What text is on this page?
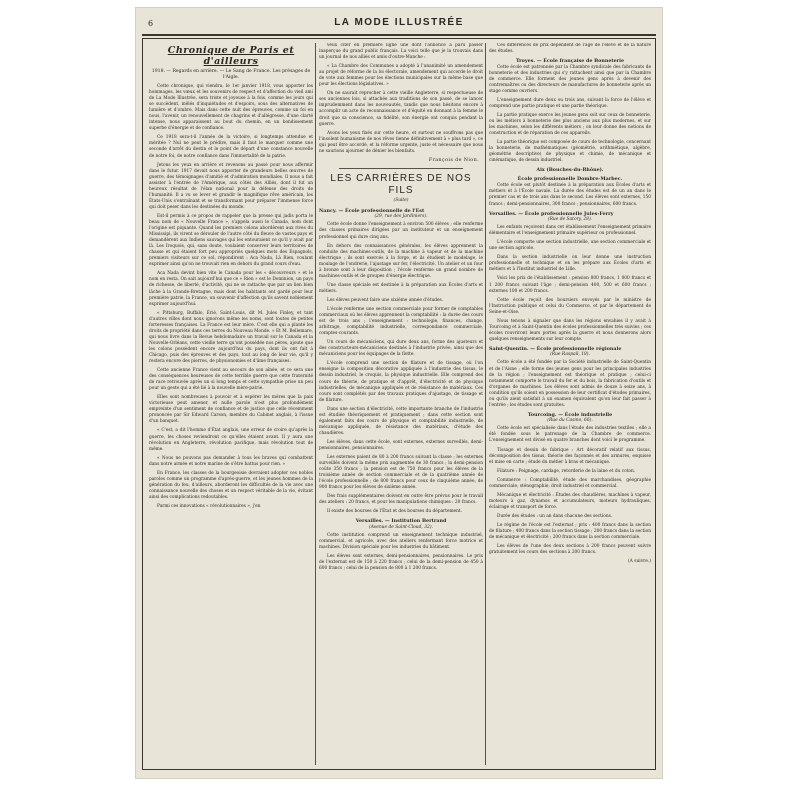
6	LA MODE ILLUSTRÉE
Chronique de Paris et d'ailleurs
1918. — Regards en arrière. — Le Sang de France. Les présages de l'Aigle.

Cette chronique, qui viendra, le 1er janvier 1918, vous apporter les hommages, les vœux et les souvenirs de respect et d'affection du vieil ami de La Mode Illustrée, sera triste et joyeuse à la fois, comme les jours qui se succèdent, mêlés d'inquiétudes et d'espoirs, sous des alternatives de lumière et d'ombre. Mais dans cette nuit des épreuves, comme un foi en nous, l'avenir, un renouvellement de chagrins et d'allégresse, d'une clarté intense, nous apparaissent au bout du chemin, en un bondissement superbe d'énergie et de confiance.

Ce 1918 sera-t-il l'année de la victoire, si longtemps attendue et méritée ? Nul ne peut le prédire, mais il faut le marquer comme une seconde d'arrêt du destin et le point de départ d'une constance nouvelle de notre foi, de notre confiance dans l'immortalité de la patrie.

Jetons les yeux en arrière et revenons au passé pour nous affermir dans le futur. 1917 devait nous apporter de grandeurs belles œuvres de guerre, des témoignages d'amitié et d'admiration mondiales. Il nous a fait assister à l'entrée de l'Amérique, aux côtés des Alliés, dont il fut un heureux résultat de l'élan national pour la défense des droits de l'humanité. Il a vu se lever et grandir le magnifique rêve américain, les États-Unis s'entraînant et se transformant pour préparer l'immense force qui doit peser dans les destinées du monde.

Est-il permis à ce propos de rappeler que la presse qui jadis porta le beau nom de « Nouvelle France », s'appela aussi le Canada, nom dont l'origine est piquante. Quand les premiers colons abordèrent aux rives du Mississipi, ils virent se dérouler de l'autre côté du fleuve de vastes pays et demandèrent aux Indiens sauvages qui les entouraient ce qu'il y avait par là. Les Iroquois, qui, sans doute, voulaient conserver leurs territoires de chasse et qui étaient fort peu appropriés quelques mots des Espagnols, premiers visiteurs sur ce sol, répondirent : Aca Nada, Là Rien, voulant exprimer ainsi qu'on ne trouvait rien en dehors du grand cours d'eau.

Aca Nada devint bien vite le Canada pour les « découvreurs » et le nom en resta. On sait aujourd'hui que ce « Rien » est le Dominion, un pays de richesse, de liberté, d'activité, qui ne se rattache que par un lien bien lâche à la Grande-Bretagne, mais dont les habitants ont gardé pour leur première patrie, la France, un souvenir d'affection qu'ils savent noblement exprimer aujourd'hui.

« Pittsburg, Buffalo, Érié, Saint-Louis, dit M. Jules Finley, et tant d'autres villes dont nous ignorons même les noms, sont toutes de petites forteresses françaises. La France est leur mère. C'est elle qui a planté les droits de propriété dans ces terres du Nouveau Monde. » Et M. Bellemare, qui nous livre dans la Revue hebdomadaire un travail sur le Canada et la Nouvelle-Orléans, cette vieille terre qu'ont possédée nos pères, ajoute que les colons possèdent encore aujourd'hui du pays, dont ils ont fait à Chicago, puis des épreuves et des pays, tout au long de leur vie, qu'il y restera encore des pierres, de physionomies et d'âme françaises.

Cette ancienne France vient au secours de son aînée, et ce sera une des conséquences heureuses de cette terrible guerre que cette fraternité de race retrouvée après un si long temps et cette sympathie prise un peu pour un geste qui a été lié à la nouvelle mère-patrie.

Elles sont nombreuses à pouvoir et à espérer les mères que la paix victorieuse peut amener, et nulle parole n'est plus profondément empreinte d'un sentiment de confiance et de justice que celle récemment prononcée par Sir Edward Carson, membre du Cabinet anglais, à l'issue d'un banquet.

« C'est, a dit l'homme d'État anglais, une erreur de croire qu'après la guerre, les choses reviendront ce qu'elles étaient avant. Il y aura une révolution en Angleterre, révolution pacifique, mais révolution tout de même.

« Nous ne pouvons pas demander à tous les braves qui combattent dans notre armée et notre marine de s'être battus pour rien. »

En France, les classes de la bourgeoisie devraient adopter ces nobles paroles comme un programme d'après-guerre, et les jeunes hommes de la génération du feu, d'ailleurs, aborderont les difficultés de la vie avec une connaissance nouvelle des choses et un respect véritable de la vie, évitant ainsi des complications redoutables.

Parmi ces innovations « révolutionnaires », j'en

veux citer en première ligne une dont l'annonce a paru passer inaperçue du grand public français. La voici telle que je la trouvais dans un journal de nos alliés et amis d'outre-Manche :

« La Chambre des Communes a adopté à l'unanimité un amendement au projet de réforme de la loi électorale, amendement qui accorde le droit de vote aux femmes pour les élections municipales sur la même base que pour les élections législatives. »

On ne saurait reprocher à cette vieille Angleterre, si respectueuse de ses anciennes lois, si attachée aux traditions de son passé, de se lancer imprudemment dans les nouveautés, tandis que nous hésitons encore à accomplir un acte de reconnaissance et d'équité en donnant à la femme le droit que sa conscience, sa fidélité, son énergie ont conquis pendant la guerre.

Avons les yeux fixés sur cette heure, et surtout ne souffrons pas que l'insolent humanisme de nos rêves tienne définitivement à « plus tard », ce qui peut être accordé, et la réforme urgente, juste et nécessaire que nous ne saurions ajourner de dénier les bienfaits.

François de Nion.
LES CARRIÈRES DE NOS FILS
(Suite)
Nancy. — École professionnelle de l'Est
(29, rue des Jardiniers).

Cette école donne l'enseignement à environ 500 élèves ; elle renferme des classes primaires dirigées par un instituteur et un enseignement professionnel qui dure cinq ans.

En dehors des connaissances générales, les élèves apprennent la conduite des machines-outils, de la machine à vapeur et de la machine électrique ; ils sont exercés à la forge, et ils étudient le modelage, le moulage de l'ondrerie, l'ajustage sur fer, l'électricité. Un atelier et un four à bronze sont à leur disposition ; l'école renferme un grand nombre de machines-outils et de groupes d'énergie électrique.

Une classe spéciale est destinée à la préparation aux Écoles d'arts et métiers.

Les élèves peuvent faire une sixième année d'études.

L'école renferme une section commerciale pour former de comptables commerciaux où les élèves apprennent la comptabilité : la durée des cours est de trois ans ; l'enseignement : technologie, finances, change, arbitrage, comptabilité industrielle, correspondance commerciale, comptes-courants.

Un cours de mécaniciens, qui dure deux ans, forme des ajusteurs et des constructeurs-mécaniciens destinés à l'industrie privée, ainsi que des mécaniciens pour les équipages de la flotte.

L'école comprend une section de filature et de tissage, où l'on enseigne la composition décorative appliquée à l'industrie des tissus, le dessin industriel, le croquis, la physique industrielle. Elle comprend des cours de théorie, de pratique et d'apprêt, d'électricité et de physique industrielles, de mécanique appliquée et de résistance de matériaux. Ces cours sont complétés par des travaux pratiques d'ajustage, de tissage et de filature.

Dans une section d'électricité, cette importante branche de l'industrie est étudiée théoriquement et pratiquement ; dans cette section sont également faits des cours de physique et comptabilité industrielle, de mécanique appliquée, de résistance des matériaux, d'étude des chaudières.

Les élèves, dans cette école, sont externes, externes surveillés, demi-pensionnaires, pensionnaires.

Les externes paient de 80 à 200 francs suivant la classe ; les externes surveillés doivent la même prix augmentée de 30 francs ; la demi-pension coûte 350 francs ; la pension est de 750 francs pour les élèves de la troisième année de section commerciale et de la quatrième année de l'école professionnelle ; de 800 francs pour ceux de cinquième année, de 900 francs pour les élèves de sixième année.

Des frais supplémentaires doivent en outre être prévus pour le travail des ateliers : 20 francs, et pour les manipulations chimiques : 20 francs.

Il existe des bourses de l'État et des bourses du département.

Versailles. — Institution Bertrand
(Avenue de Saint-Cloud, 32).

Cette institution comprend un enseignement technique industriel, commercial, et agricole, avec des ateliers renfermant force motrice et machines. Division spéciale pour les industries du bâtiment.

Les élèves sont externes, demi-pensionnaires, pensionnaires. Le prix de l'externat est de 150 à 220 francs ; celui de la demi-pension de 450 à 600 francs ; celui de la pension de 800 à 1 200 francs.

Ces différences de prix dépendent de l'âge de l'élève et de la nature des études.

Troyes. — École française de Bonneterie

Cette école est patronnée par la Chambre syndicale des fabricants de bonneterie et des industries qui s'y rattachent ainsi que par la Chambre de commerce. Elle forment des jeunes gens après à devenir des contremaîtres ou des directeurs de manufactures de bonneterie après un stage comme ouvriers.

L'enseignement dure deux ou trois ans, suivant la force de l'élève et comprend une partie pratique et une partie théorique.

La partie pratique exerce les jeunes gens soit sur ceux de bonneterie, ou les métiers à bonneterie des plus anciens aux plus modernes, et sur les machines, selon les différents métiers ; on leur donne des notions de construction et de réparation de ces appareils.

La partie théorique est composée de cours de technologie, concernant la bonneterie, de mathématiques (géométrie, arithmétique, algèbre, géométrie descriptive) de physique et chimie, de mécanique et cinématique, de dessin industriel.

Aix (Bouches-du-Rhône).
École professionnelle Dombre-Marbec.

Cette école est plutôt destinée à la préparation aux Écoles d'arts et métiers et à l'École navale. La durée des études est de un an dans le premier cas et de trois ans dans le second. Les élèves sont externes, 150 francs ; demi-pensionnaires, 300 francs ; pensionnaires, 600 francs.

Versailles. — École professionnelle Jules-Ferry
(Rue de Satory, 28).

Les enfants reçoivent dans cet établissement l'enseignement primaire élémentaire et l'enseignement primaire supérieur ou professionnel.

L'école comporte une section industrielle, une section commerciale et une section agricole.

Dans la section industrielle on leur donne une instruction professionnelle et technique et on les prépare aux Écoles d'arts et métiers et à l'Institut industriel de Lille.

Voici les prix de l'établissement : pension 800 francs, 1 000 francs et 1 200 francs suivant l'âge ; demi-pension 400, 500 et 600 francs ; externes 100 et 200 francs.

Cette école reçoit des boursiers envoyés par le ministre de l'Instruction publique et celui du Commerce, et par le département de Seine-et-Oise.

Nous tenons à signaler que dans les régions envahies il y avait à Tourcoing et à Saint-Quentin des écoles professionnelles très suivies ; ces écoles rouvriront leurs portes après la guerre et nous donnerons alors quelques renseignements sur leur compte.

Saint-Quentin. — École professionnelle régionale
(Rue Raspail, 18).

Cette école a été fondée par la Société industrielle de Saint-Quentin et de l'Aisne ; elle forme des jeunes gens pour les principales industries de la région ; l'enseignement est théorique et pratique ; celui-ci notamment comporte le travail du fer et du bois, la fabrication d'outils et d'organes de machines. Les élèves sont admis de douze à seize ans, à condition qu'ils soient en possession de leur certificat d'études primaires, ou qu'ils aient satisfait à un examen équivalent qu'on leur fait passer à l'entrée ; les études sont gratuites.

Tourcoing. — École industrielle
(Rue du Casino, 66).

Cette école est spécialisée dans l'étude des industries textiles ; elle a été fondée sous le patronage de la Chambre de commerce. L'enseignement est divisé en quatre branches dont voici le programme.

Tissage et dessin de fabrique : Art décoratif relatif aux tissus, décomposition des tissus, théorie des façonnés et des armures, esquisse et mise en carte ; étude du métier à bras et mécanique.

Filature : Peignage, cardage, retorderie de la laine et du coton.

Commerce : Comptabilité, étude des marchandises, géographie commerciale, sténographie, droit industriel et commercial.

Mécanique et électricité : Études des chaudières, machines à vapeur, moteurs à gaz, dynamos et accumulateurs, moteurs hydrauliques, éclairage et transport de force.

Durée des études : un an dans chacune des sections.

Le régime de l'école est l'externat ; prix : 400 francs dans la section de filature ; 400 francs dans la section tissage ; 200 francs dans la section de mécanique et électricité ; 200 francs dans la section commerciale.

Les élèves de l'une des deux sections à 200 francs peuvent suivre gratuitement les cours des sections à 200 francs.

(A suivre.)
